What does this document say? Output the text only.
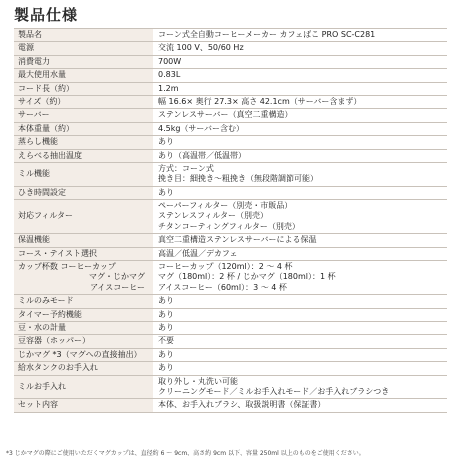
製品仕様
製品名	コーン式全自動コーヒーメーカー カフェばこ PRO SC-C281

電源	交流 100 V、50/60 Hz

消費電力	700W

最大使用水量	0.83L

コード長（約）	1.2m

サイズ（約）	幅 16.6× 奥行 27.3× 高さ 42.1cm（サーバー含まず）

サーバー	ステンレスサーバー（真空二重構造）

本体重量（約）	4.5kg（サーバー含む）

蒸らし機能	あり

えらべる抽出温度	あり（高温帯／低温帯）

ミル機能	方式：コーン式
挽き目：細挽き〜粗挽き（無段階調節可能）

ひき時間設定	あり

対応フィルター	ペーパーフィルター（別売・市販品）
ステンレスフィルター（別売）
チタンコーティングフィルター（別売）

保温機能	真空二重構造ステンレスサーバーによる保温

コース・テイスト選択	高温／低温／デカフェ

カップ杯数 コーヒーカップ
マグ・じかマグ
アイスコーヒー	コーヒーカップ（120ml）：2 〜 4 杯
マグ（180ml）：2 杯 / じかマグ（180ml）：1 杯
アイスコーヒー（60ml）：3 〜 4 杯

ミルのみモード	あり

タイマー予約機能	あり

豆・水の計量	あり

豆容器（ホッパー）	不要

じかマグ *3（マグへの直接抽出）	あり

給水タンクのお手入れ	あり

ミルお手入れ	取り外し・丸洗い可能
クリーニングモード／ミルお手入れモード／お手入れブラシつき

セット内容	本体、お手入れブラシ、取扱説明書（保証書）
*3 じかマグの際にご使用いただくマグカップは、直径約 6 〜 9cm、高さ約 9cm 以下、容量 250ml 以上のものをご使用ください。
